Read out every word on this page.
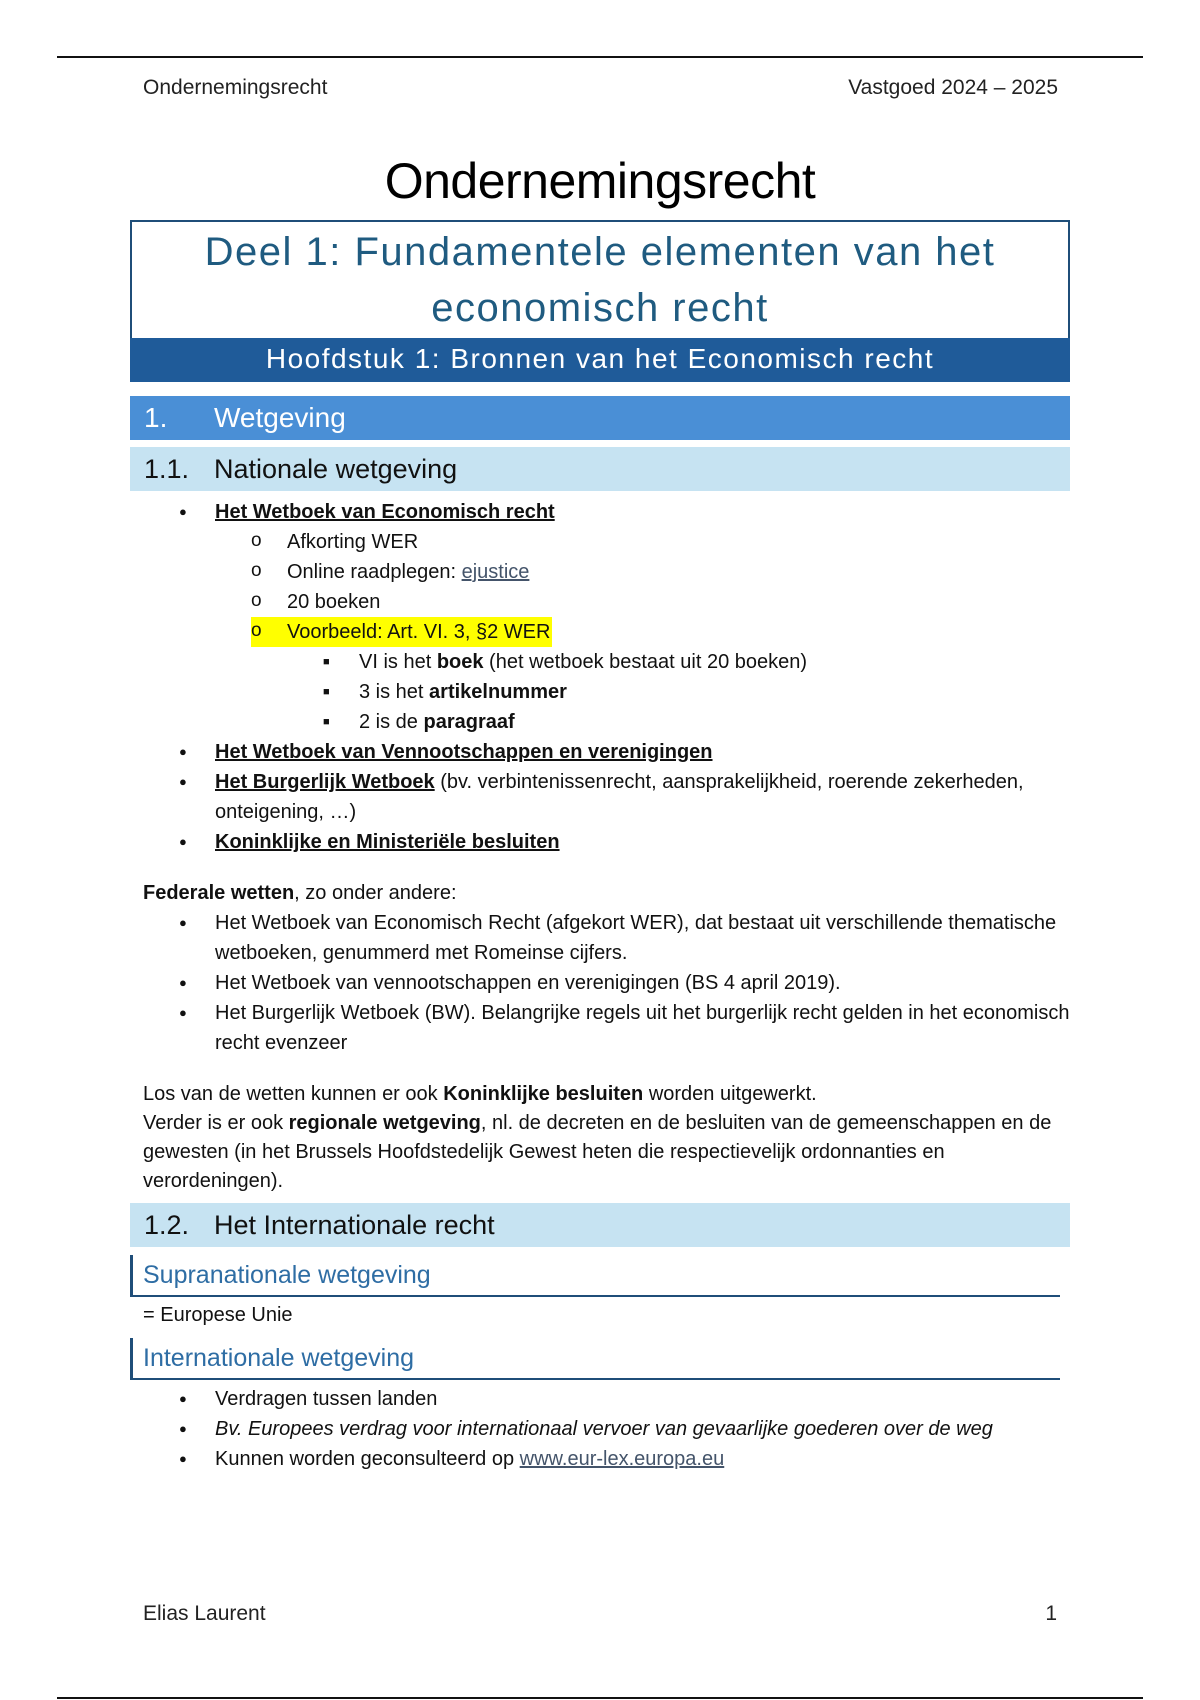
Ondernemingsrecht	Vastgoed 2024 – 2025
Ondernemingsrecht
Deel 1: Fundamentele elementen van het economisch recht
Hoofdstuk 1: Bronnen van het Economisch recht
1. Wetgeving
1.1. Nationale wetgeving
● Het Wetboek van Economisch recht
o Afkorting WER
o Online raadplegen: ejustice
o 20 boeken
o Voorbeeld: Art. VI. 3, §2 WER
■ VI is het boek (het wetboek bestaat uit 20 boeken)
■ 3 is het artikelnummer
■ 2 is de paragraaf
● Het Wetboek van Vennootschappen en verenigingen
● Het Burgerlijk Wetboek (bv. verbintenissenrecht, aansprakelijkheid, roerende zekerheden, onteigening, …)
● Koninklijke en Ministeriële besluiten
Federale wetten, zo onder andere:
● Het Wetboek van Economisch Recht (afgekort WER), dat bestaat uit verschillende thematische wetboeken, genummerd met Romeinse cijfers.
● Het Wetboek van vennootschappen en verenigingen (BS 4 april 2019).
● Het Burgerlijk Wetboek (BW). Belangrijke regels uit het burgerlijk recht gelden in het economisch recht evenzeer
Los van de wetten kunnen er ook Koninklijke besluiten worden uitgewerkt.
Verder is er ook regionale wetgeving, nl. de decreten en de besluiten van de gemeenschappen en de gewesten (in het Brussels Hoofdstedelijk Gewest heten die respectievelijk ordonnanties en verordeningen).
1.2. Het Internationale recht
Supranationale wetgeving
= Europese Unie
Internationale wetgeving
● Verdragen tussen landen
● Bv. Europees verdrag voor internationaal vervoer van gevaarlijke goederen over de weg
● Kunnen worden geconsulteerd op www.eur-lex.europa.eu
Elias Laurent	1
